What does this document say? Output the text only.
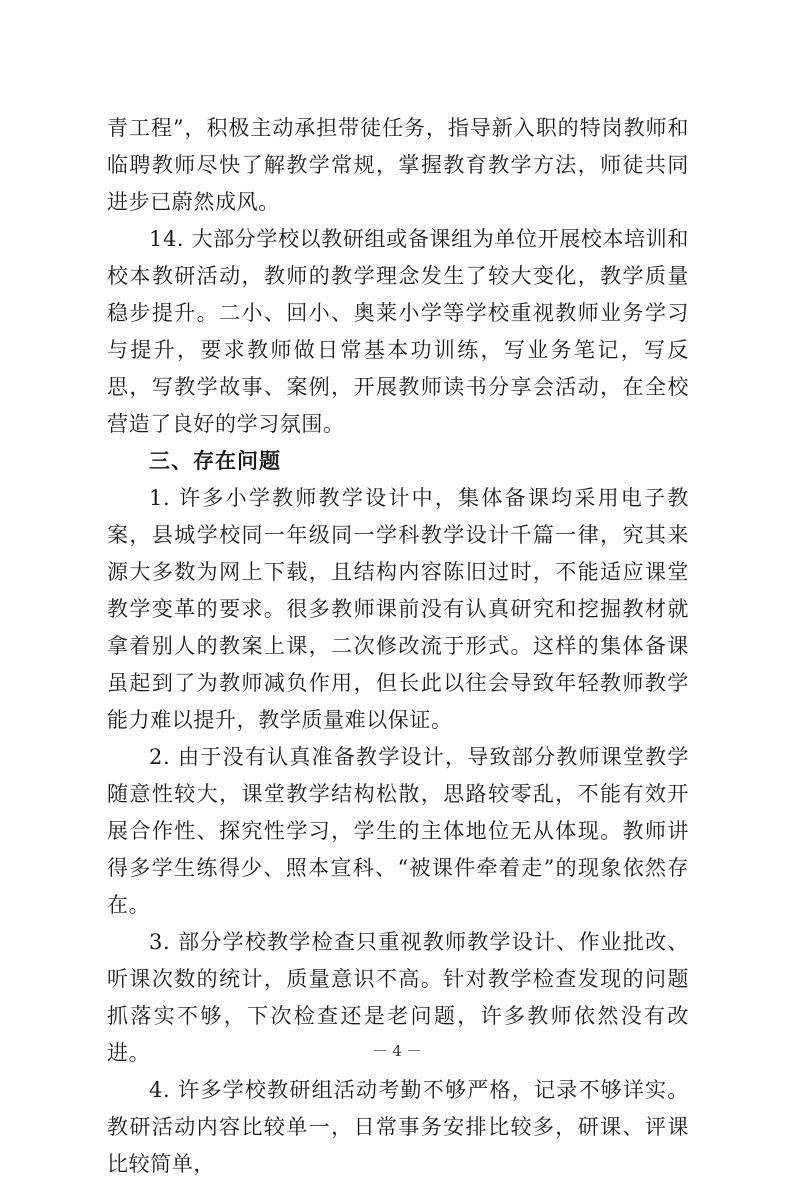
青工程”，积极主动承担带徒任务，指导新入职的特岗教师和临聘教师尽快了解教学常规，掌握教育教学方法，师徒共同进步已蔚然成风。

14. 大部分学校以教研组或备课组为单位开展校本培训和校本教研活动，教师的教学理念发生了较大变化，教学质量稳步提升。二小、回小、奥莱小学等学校重视教师业务学习与提升，要求教师做日常基本功训练，写业务笔记，写反思，写教学故事、案例，开展教师读书分享会活动，在全校营造了良好的学习氛围。

三、存在问题

1. 许多小学教师教学设计中，集体备课均采用电子教案，县城学校同一年级同一学科教学设计千篇一律，究其来源大多数为网上下载，且结构内容陈旧过时，不能适应课堂教学变革的要求。很多教师课前没有认真研究和挖掘教材就拿着别人的教案上课，二次修改流于形式。这样的集体备课虽起到了为教师减负作用，但长此以往会导致年轻教师教学能力难以提升，教学质量难以保证。

2. 由于没有认真准备教学设计，导致部分教师课堂教学随意性较大，课堂教学结构松散，思路较零乱，不能有效开展合作性、探究性学习，学生的主体地位无从体现。教师讲得多学生练得少、照本宣科、“被课件牵着走”的现象依然存在。

3. 部分学校教学检查只重视教师教学设计、作业批改、听课次数的统计，质量意识不高。针对教学检查发现的问题抓落实不够，下次检查还是老问题，许多教师依然没有改进。

4. 许多学校教研组活动考勤不够严格，记录不够详实。教研活动内容比较单一，日常事务安排比较多，研课、评课比较简单，

－ 4 －
